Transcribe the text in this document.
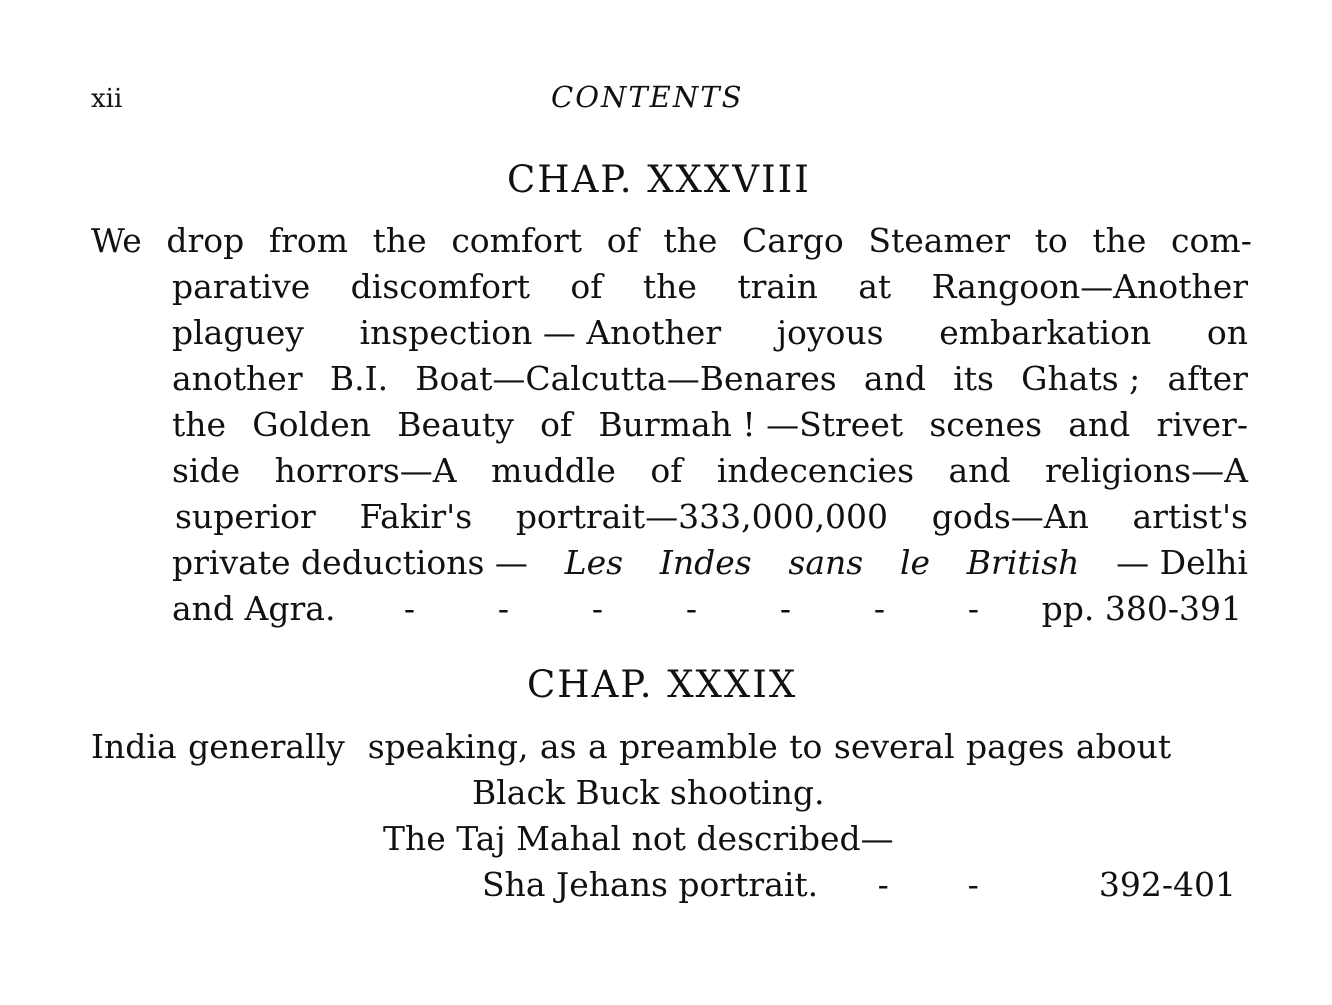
xii	CONTENTS
CHAP. XXXVIII
We drop from the comfort of the Cargo Steamer to the com-
parative discomfort of the train at Rangoon—Another
plaguey inspection — Another joyous embarkation on
another B.I. Boat—Calcutta—Benares and its Ghats ; after
the Golden Beauty of Burmah ! —Street scenes and river-
side horrors—A muddle of indecencies and religions—A
superior Fakir's portrait—333,000,000 gods—An artist's
private deductions — Les Indes sans le British — Delhi
and Agra.	-	-	-	-	-	-	-	pp. 380-391
CHAP. XXXIX
India generally  speaking, as a preamble to several pages about
Black Buck shooting.
The Taj Mahal not described—
Sha Jehans portrait.	-	-	392-401
